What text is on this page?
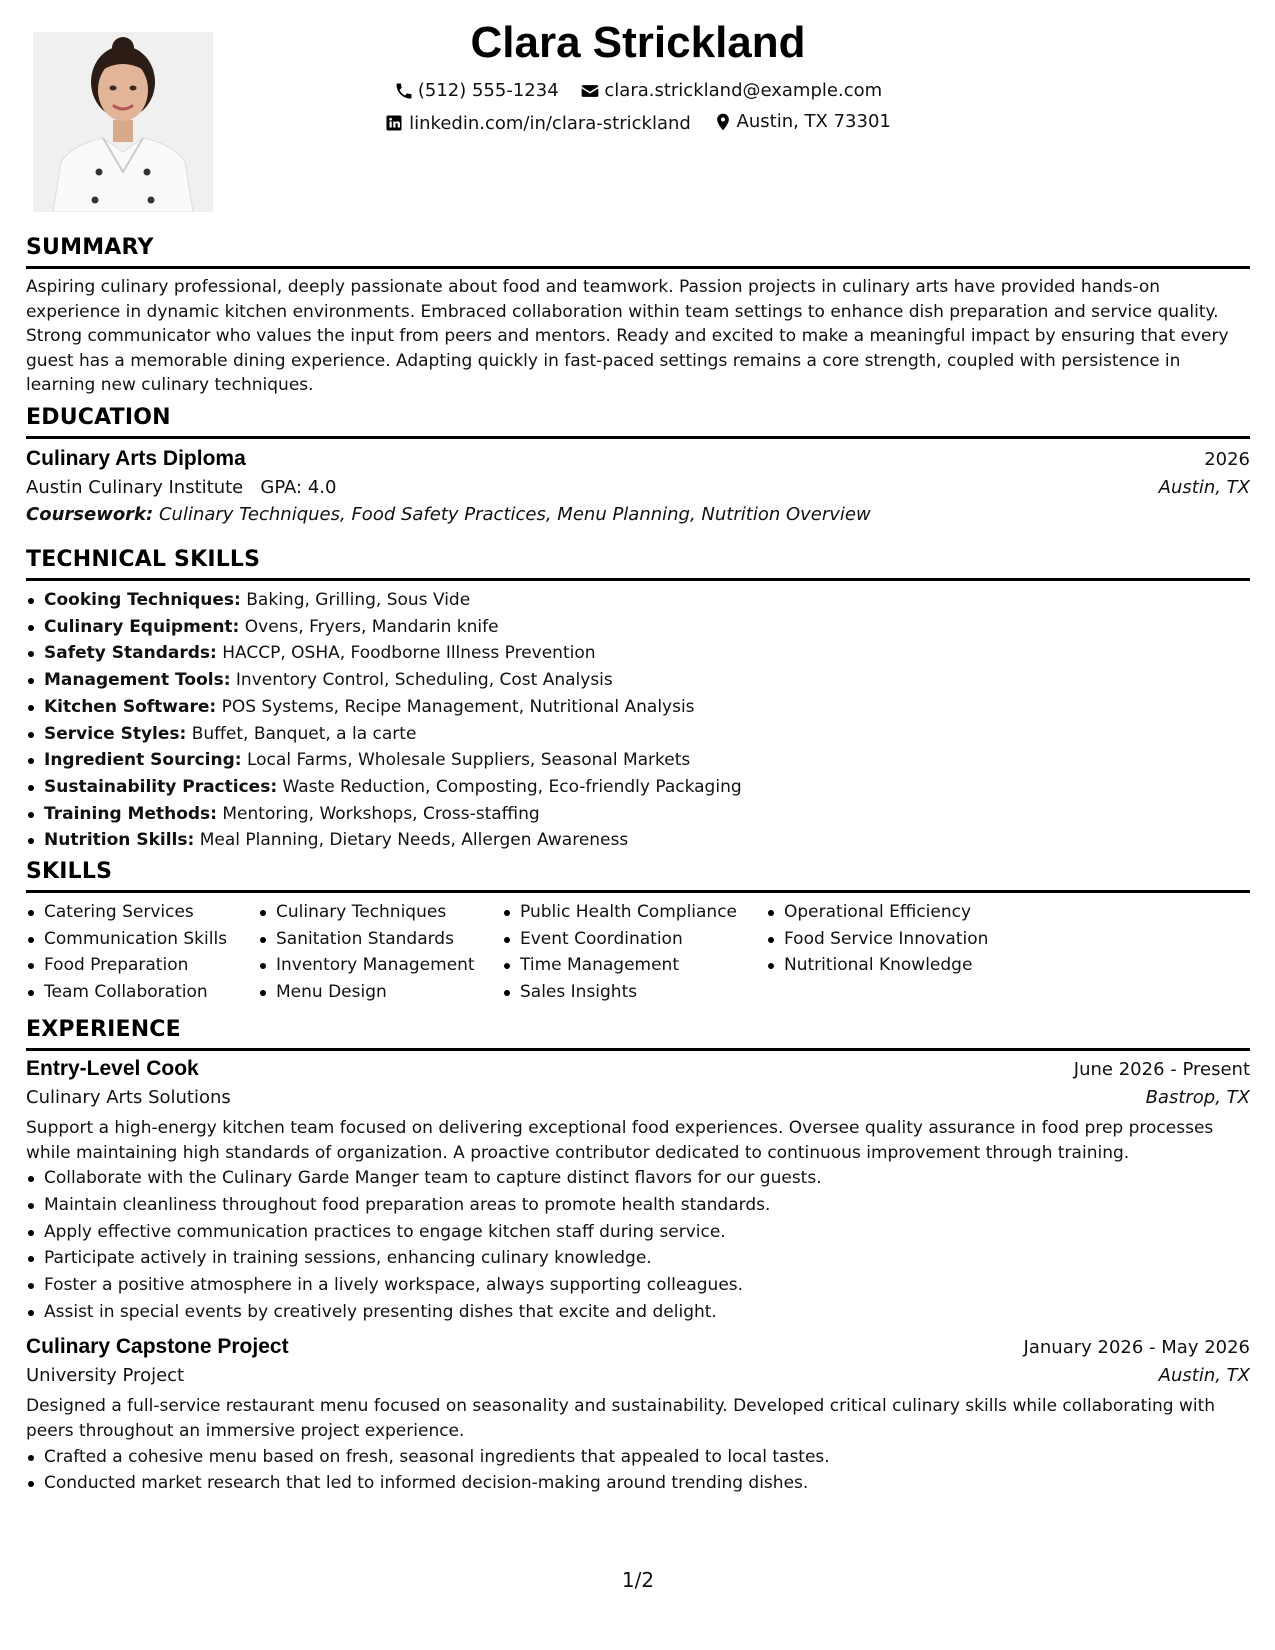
Clara Strickland
(512) 555-1234
	clara.strickland@example.com
linkedin.com/in/clara-strickland
	Austin, TX 73301
SUMMARY

Aspiring culinary professional, deeply passionate about food and teamwork. Passion projects in culinary arts have provided hands-on experience in dynamic kitchen environments. Embraced collaboration within team settings to enhance dish preparation and service quality. Strong communicator who values the input from peers and mentors. Ready and excited to make a meaningful impact by ensuring that every guest has a memorable dining experience. Adapting quickly in fast-paced settings remains a core strength, coupled with persistence in learning new culinary techniques.

EDUCATION
Culinary Arts Diploma	2026
Austin Culinary Institute GPA: 4.0	Austin, TX
Coursework: Culinary Techniques, Food Safety Practices, Menu Planning, Nutrition Overview
TECHNICAL SKILLS
Cooking Techniques: Baking, Grilling, Sous Vide
Culinary Equipment: Ovens, Fryers, Mandarin knife
Safety Standards: HACCP, OSHA, Foodborne Illness Prevention
Management Tools: Inventory Control, Scheduling, Cost Analysis
Kitchen Software: POS Systems, Recipe Management, Nutritional Analysis
Service Styles: Buffet, Banquet, a la carte
Ingredient Sourcing: Local Farms, Wholesale Suppliers, Seasonal Markets
Sustainability Practices: Waste Reduction, Composting, Eco-friendly Packaging
Training Methods: Mentoring, Workshops, Cross-staffing
Nutrition Skills: Meal Planning, Dietary Needs, Allergen Awareness
SKILLS
Catering Services
Communication Skills
Food Preparation
Team Collaboration
Culinary Techniques
Sanitation Standards
Inventory Management
Menu Design
Public Health Compliance
Event Coordination
Time Management
Sales Insights
Operational Efficiency
Food Service Innovation
Nutritional Knowledge
EXPERIENCE
Entry-Level Cook	June 2026 - Present
Culinary Arts Solutions	Bastrop, TX
Support a high-energy kitchen team focused on delivering exceptional food experiences. Oversee quality assurance in food prep processes while maintaining high standards of organization. A proactive contributor dedicated to continuous improvement through training.
Collaborate with the Culinary Garde Manger team to capture distinct flavors for our guests.
Maintain cleanliness throughout food preparation areas to promote health standards.
Apply effective communication practices to engage kitchen staff during service.
Participate actively in training sessions, enhancing culinary knowledge.
Foster a positive atmosphere in a lively workspace, always supporting colleagues.
Assist in special events by creatively presenting dishes that excite and delight.
Culinary Capstone Project	January 2026 - May 2026
University Project	Austin, TX
Designed a full-service restaurant menu focused on seasonality and sustainability. Developed critical culinary skills while collaborating with peers throughout an immersive project experience.
Crafted a cohesive menu based on fresh, seasonal ingredients that appealed to local tastes.
Conducted market research that led to informed decision-making around trending dishes.
1/2
